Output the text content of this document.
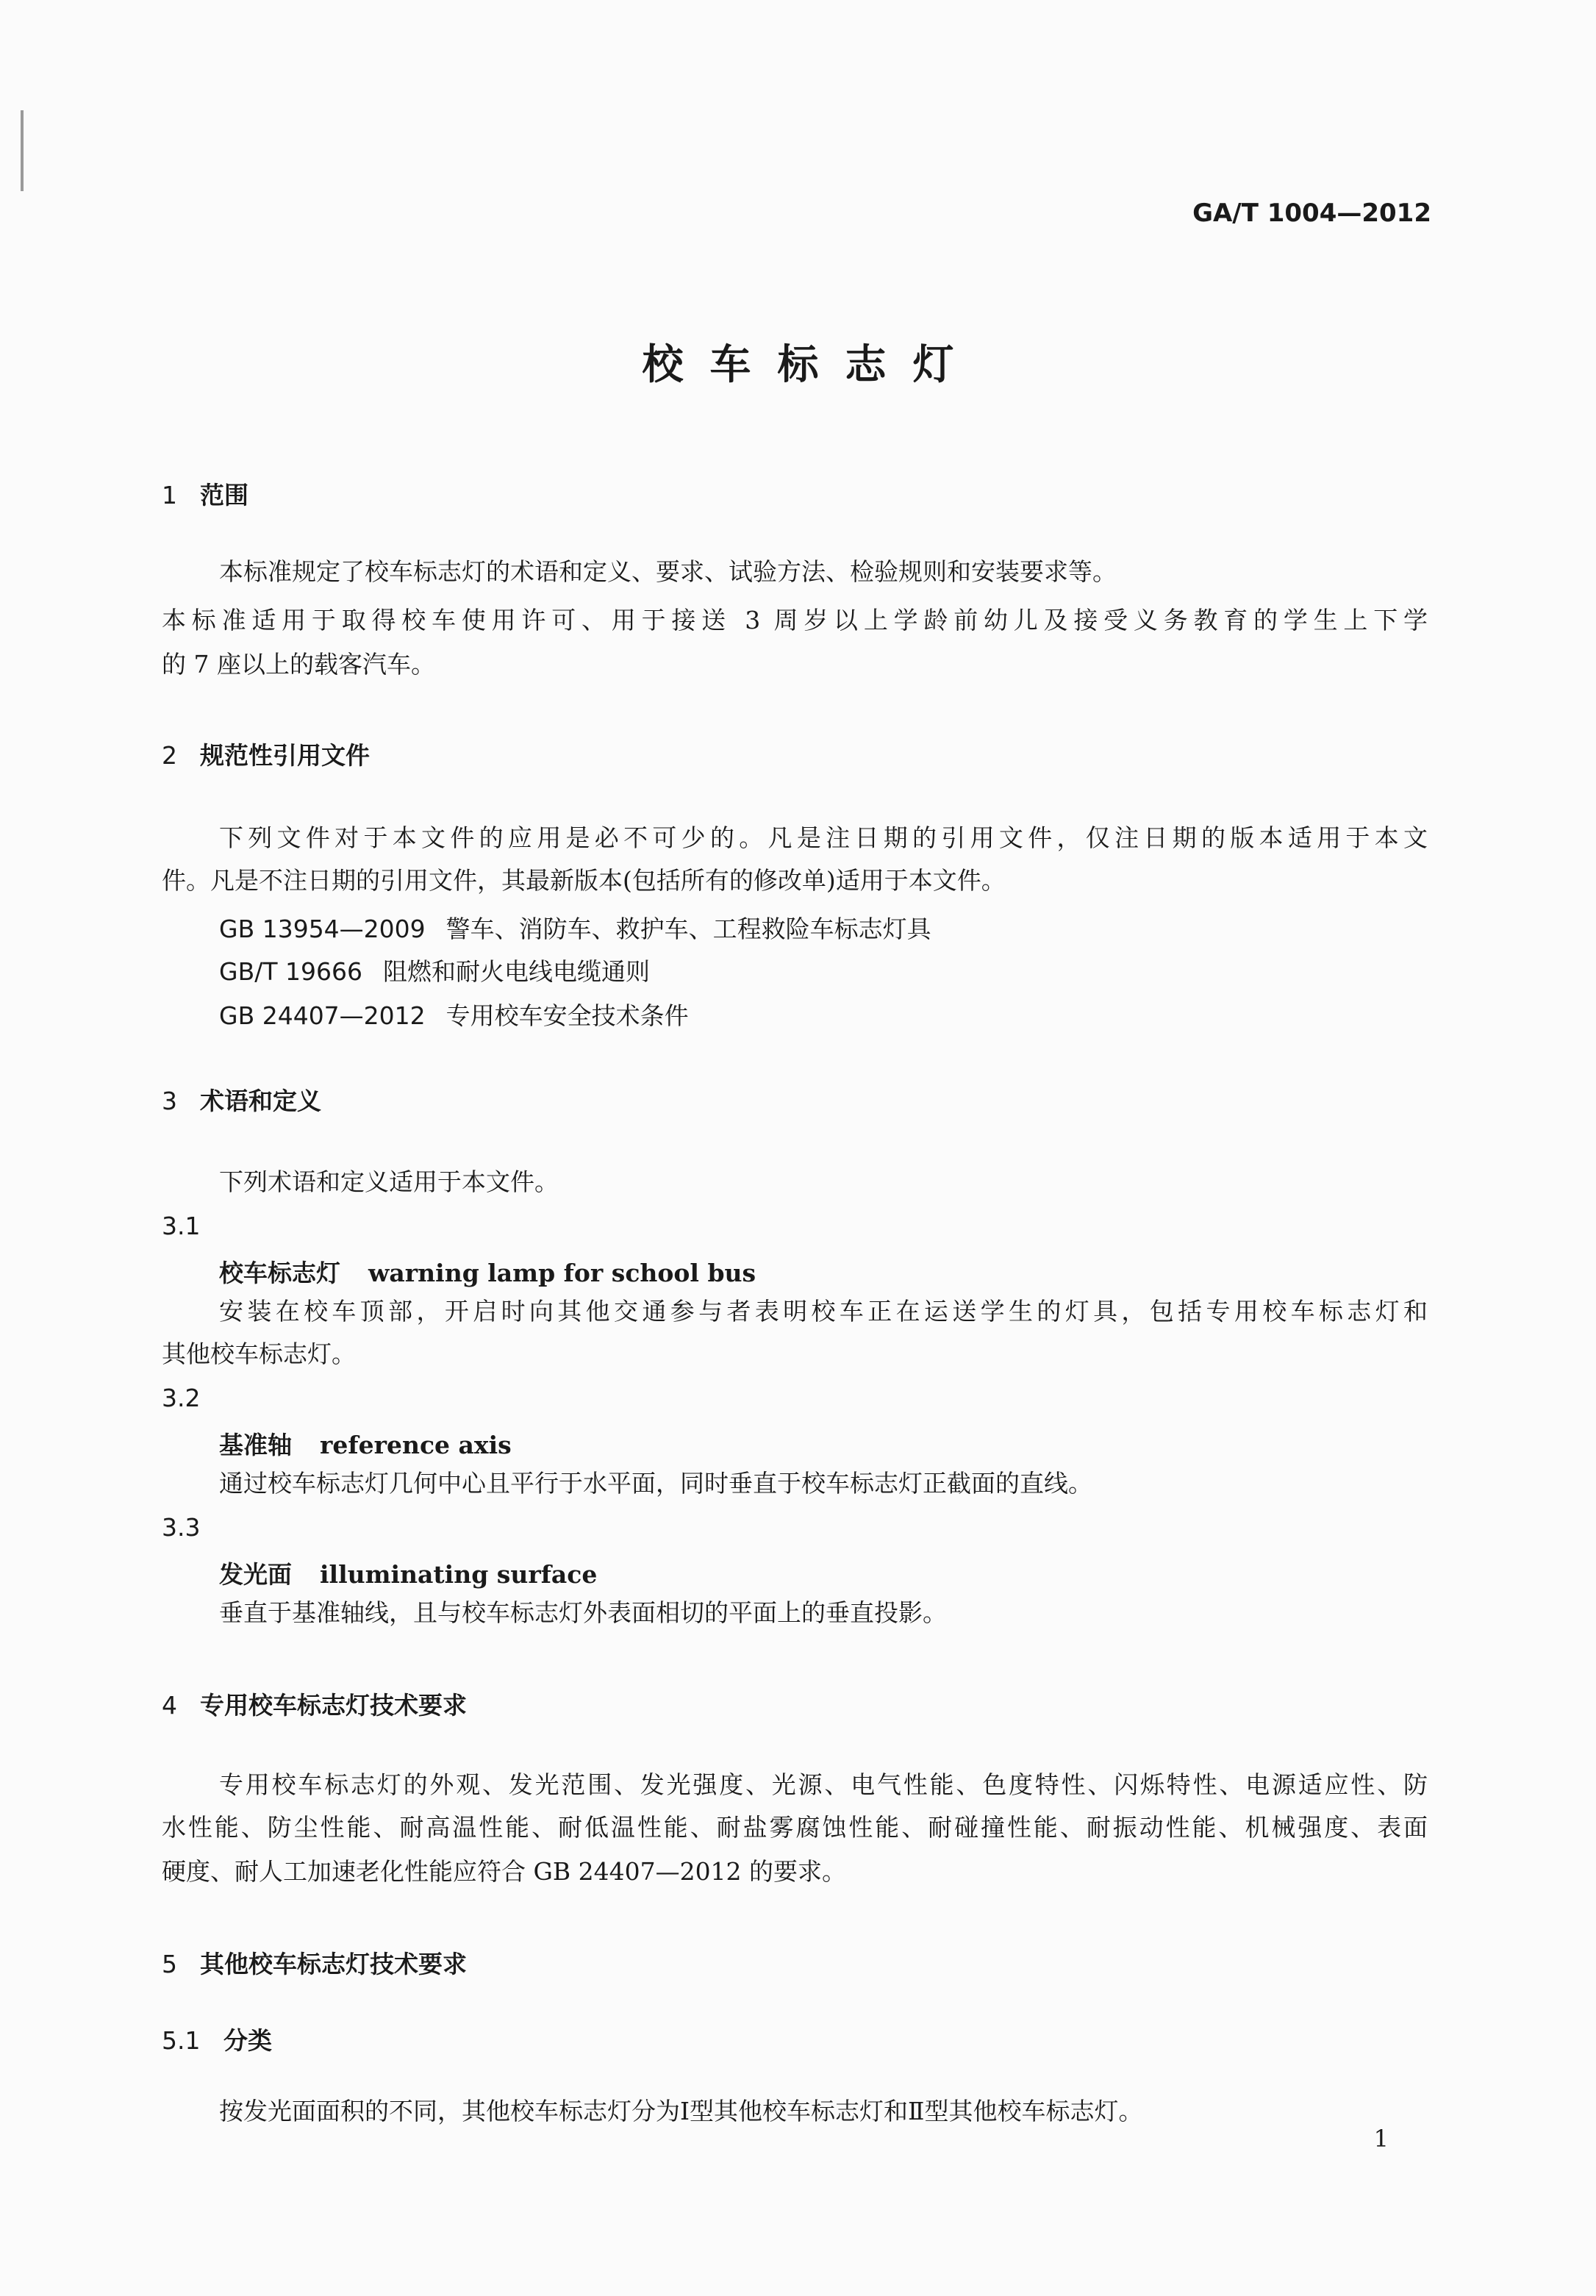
GA/T 1004—2012
校车标志灯
1 范围
本标准规定了校车标志灯的术语和定义、要求、试验方法、检验规则和安装要求等。
本标准适用于取得校车使用许可、用于接送 3 周岁以上学龄前幼儿及接受义务教育的学生上下学
的 7 座以上的载客汽车。
2 规范性引用文件
下列文件对于本文件的应用是必不可少的。凡是注日期的引用文件，仅注日期的版本适用于本文
件。凡是不注日期的引用文件，其最新版本(包括所有的修改单)适用于本文件。
GB 13954—2009 警车、消防车、救护车、工程救险车标志灯具
GB/T 19666 阻燃和耐火电线电缆通则
GB 24407—2012 专用校车安全技术条件
3 术语和定义
下列术语和定义适用于本文件。
3.1
校车标志灯 warning lamp for school bus
安装在校车顶部，开启时向其他交通参与者表明校车正在运送学生的灯具，包括专用校车标志灯和
其他校车标志灯。
3.2
基准轴 reference axis
通过校车标志灯几何中心且平行于水平面，同时垂直于校车标志灯正截面的直线。
3.3
发光面 illuminating surface
垂直于基准轴线，且与校车标志灯外表面相切的平面上的垂直投影。
4 专用校车标志灯技术要求
专用校车标志灯的外观、发光范围、发光强度、光源、电气性能、色度特性、闪烁特性、电源适应性、防
水性能、防尘性能、耐高温性能、耐低温性能、耐盐雾腐蚀性能、耐碰撞性能、耐振动性能、机械强度、表面
硬度、耐人工加速老化性能应符合 GB 24407—2012 的要求。
5 其他校车标志灯技术要求
5.1 分类
按发光面面积的不同，其他校车标志灯分为Ⅰ型其他校车标志灯和Ⅱ型其他校车标志灯。
1
